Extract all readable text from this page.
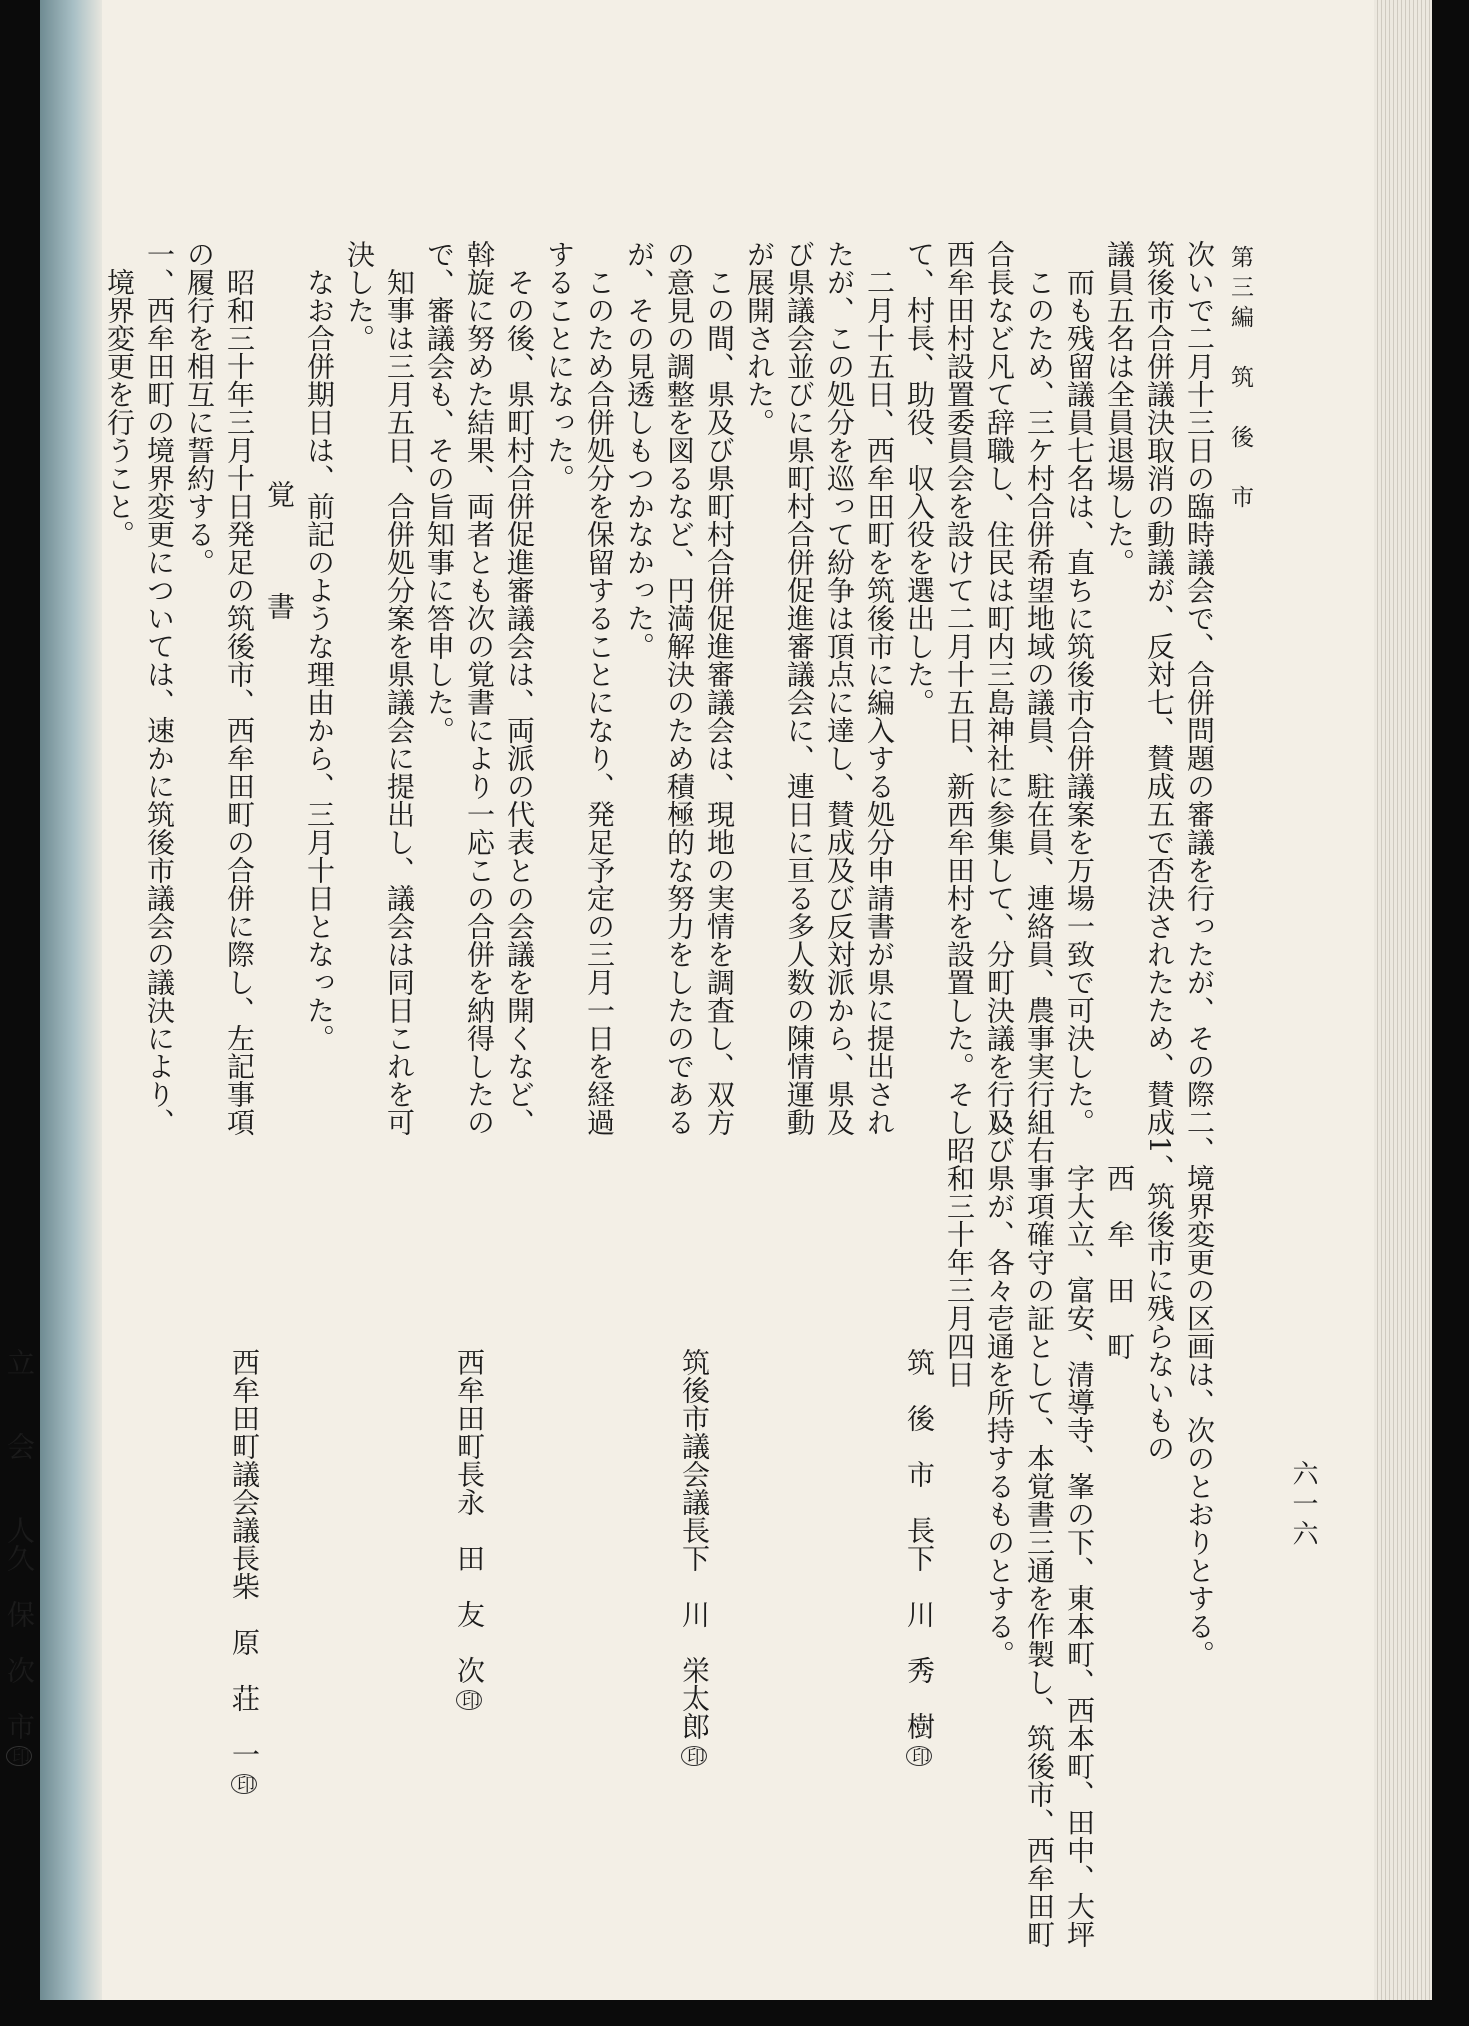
第三編　筑　後　市
六一六
次いで二月十三日の臨時議会で、合併問題の審議を行ったが、その際
筑後市合併議決取消の動議が、反対七、賛成五で否決されたため、賛成
議員五名は全員退場した。
而も残留議員七名は、直ちに筑後市合併議案を万場一致で可決した。
このため、三ケ村合併希望地域の議員、駐在員、連絡員、農事実行組
合長など凡て辞職し、住民は町内三島神社に参集して、分町決議を行い
西牟田村設置委員会を設けて二月十五日、新西牟田村を設置した。そし
て、村長、助役、収入役を選出した。
二月十五日、西牟田町を筑後市に編入する処分申請書が県に提出され
たが、この処分を巡って紛争は頂点に達し、賛成及び反対派から、県及
び県議会並びに県町村合併促進審議会に、連日に亘る多人数の陳情運動
が展開された。
この間、県及び県町村合併促進審議会は、現地の実情を調査し、双方
の意見の調整を図るなど、円満解決のため積極的な努力をしたのである
が、その見透しもつかなかった。
このため合併処分を保留することになり、発足予定の三月一日を経過
することになった。
その後、県町村合併促進審議会は、両派の代表との会議を開くなど、
斡旋に努めた結果、両者とも次の覚書により一応この合併を納得したの
で、審議会も、その旨知事に答申した。
知事は三月五日、合併処分案を県議会に提出し、議会は同日これを可
決した。
なお合併期日は、前記のような理由から、三月十日となった。
覚　　　書
昭和三十年三月十日発足の筑後市、西牟田町の合併に際し、左記事項
の履行を相互に誓約する。
一、西牟田町の境界変更については、速かに筑後市議会の議決により、
境界変更を行うこと。
二、境界変更の区画は、次のとおりとする。
1、筑後市に残らないもの
西　牟　田　町
字大立、富安、清導寺、峯の下、東本町、西本町、田中、大坪
右事項確守の証として、本覚書三通を作製し、筑後市、西牟田町
及び県が、各々壱通を所持するものとする。
昭和三十年三月四日
筑　後　市　長下　川　秀　樹印
筑後市議会議長下　川　栄太郎印
西牟田町長永　田　友　次印
西牟田町議会議長柴　原　荘　一印
立　　会　　人久　保　次　市印
